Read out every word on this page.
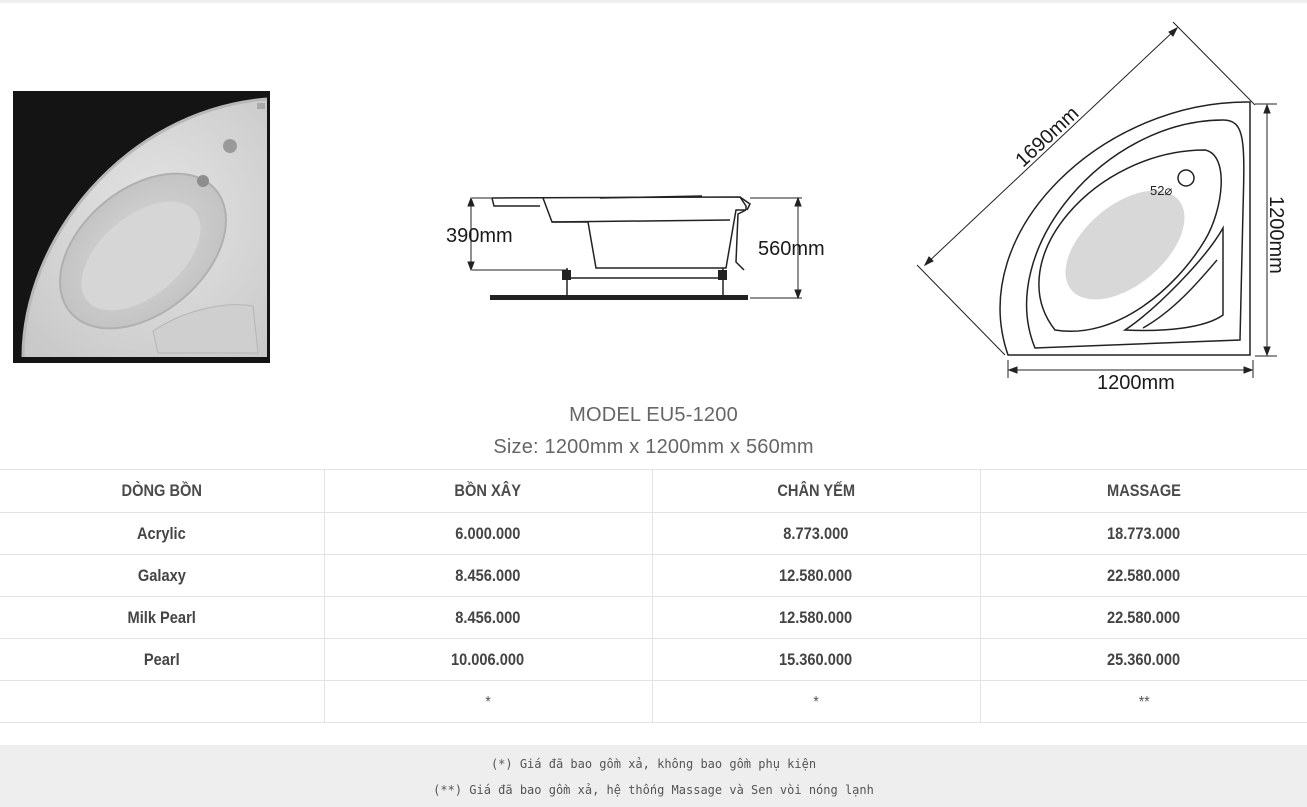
390mm
560mm
52⌀
1690mm
1200mm
1200mm
MODEL EU5-1200
Size: 1200mm x 1200mm x 560mm
DÒNG BỒN	BỒN XÂY	CHÂN YẾM	MASSAGE
Acrylic	6.000.000	8.773.000	18.773.000
Galaxy	8.456.000	12.580.000	22.580.000
Milk Pearl	8.456.000	12.580.000	22.580.000
Pearl	10.006.000	15.360.000	25.360.000
	*	*	**
(*) Giá đã bao gồm xả, không bao gồm phụ kiện
(**) Giá đã bao gồm xả, hệ thống Massage và Sen vòi nóng lạnh
